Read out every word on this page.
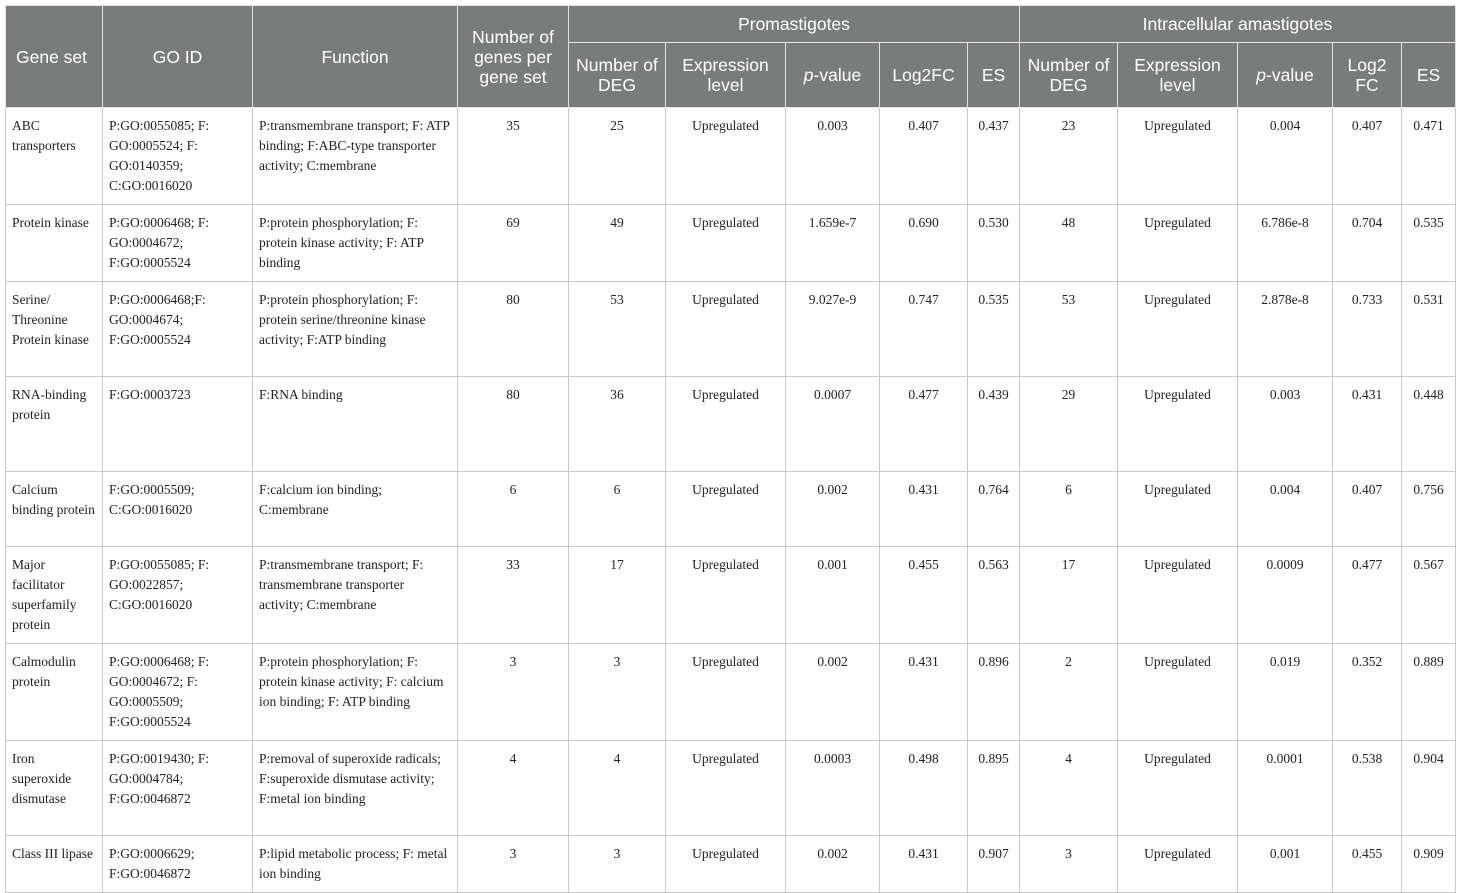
Gene set	GO ID	Function	Number of genes per gene set	Promastigotes					Intracellular amastigotes				
				Number of DEG	Expression level	p-value	Log2FC	ES	Number of DEG	Expression level	p-value	Log2 FC	ES
ABC transporters	P:GO:0055085; F: GO:0005524; F: GO:0140359; C:GO:0016020	P:transmembrane transport; F: ATP binding; F:ABC-type transporter activity; C:membrane	35	25	Upregulated	0.003	0.407	0.437	23	Upregulated	0.004	0.407	0.471
Protein kinase	P:GO:0006468; F: GO:0004672; F:GO:0005524	P:protein phosphorylation; F: protein kinase activity; F: ATP binding	69	49	Upregulated	1.659e-7	0.690	0.530	48	Upregulated	6.786e-8	0.704	0.535
Serine/ Threonine Protein kinase	P:GO:0006468;F: GO:0004674; F:GO:0005524	P:protein phosphorylation; F: protein serine/threonine kinase activity; F:ATP binding	80	53	Upregulated	9.027e-9	0.747	0.535	53	Upregulated	2.878e-8	0.733	0.531
RNA-binding protein	F:GO:0003723	F:RNA binding	80	36	Upregulated	0.0007	0.477	0.439	29	Upregulated	0.003	0.431	0.448
Calcium binding protein	F:GO:0005509; C:GO:0016020	F:calcium ion binding; C:membrane	6	6	Upregulated	0.002	0.431	0.764	6	Upregulated	0.004	0.407	0.756
Major facilitator superfamily protein	P:GO:0055085; F: GO:0022857; C:GO:0016020	P:transmembrane transport; F: transmembrane transporter activity; C:membrane	33	17	Upregulated	0.001	0.455	0.563	17	Upregulated	0.0009	0.477	0.567
Calmodulin protein	P:GO:0006468; F: GO:0004672; F: GO:0005509; F:GO:0005524	P:protein phosphorylation; F: protein kinase activity; F: calcium ion binding; F: ATP binding	3	3	Upregulated	0.002	0.431	0.896	2	Upregulated	0.019	0.352	0.889
Iron superoxide dismutase	P:GO:0019430; F: GO:0004784; F:GO:0046872	P:removal of superoxide radicals; F:superoxide dismutase activity; F:metal ion binding	4	4	Upregulated	0.0003	0.498	0.895	4	Upregulated	0.0001	0.538	0.904
Class III lipase	P:GO:0006629; F:GO:0046872	P:lipid metabolic process; F: metal ion binding	3	3	Upregulated	0.002	0.431	0.907	3	Upregulated	0.001	0.455	0.909
